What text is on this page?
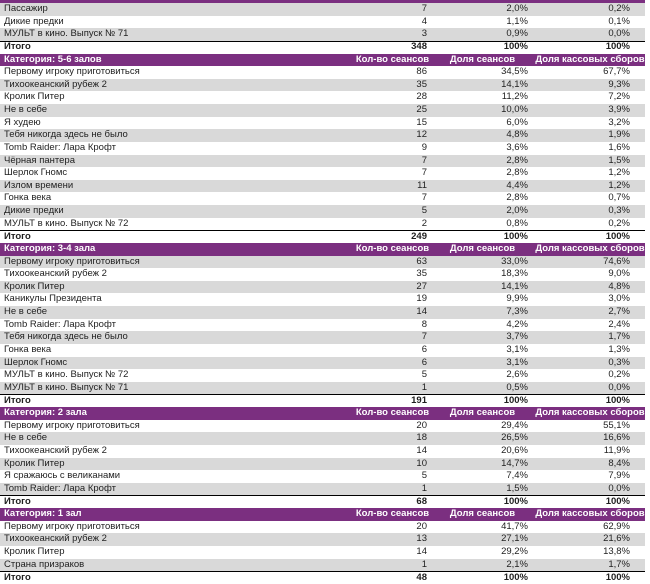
Пассажир	7	2,0%	0,2%
Дикие предки	4	1,1%	0,1%
МУЛЬТ в кино. Выпуск № 71	3	0,9%	0,0%
Итого	348	100%	100%
Категория: 5-6 залов	Кол-во сеансов	Доля сеансов	Доля кассовых сборов
Первому игроку приготовиться	86	34,5%	67,7%
Тихоокеанский рубеж 2	35	14,1%	9,3%
Кролик Питер	28	11,2%	7,2%
Не в себе	25	10,0%	3,9%
Я худею	15	6,0%	3,2%
Тебя никогда здесь не было	12	4,8%	1,9%
Tomb Raider: Лара Крофт	9	3,6%	1,6%
Чёрная пантера	7	2,8%	1,5%
Шерлок Гномс	7	2,8%	1,2%
Излом времени	11	4,4%	1,2%
Гонка века	7	2,8%	0,7%
Дикие предки	5	2,0%	0,3%
МУЛЬТ в кино. Выпуск № 72	2	0,8%	0,2%
Итого	249	100%	100%
Категория: 3-4 зала	Кол-во сеансов	Доля сеансов	Доля кассовых сборов
Первому игроку приготовиться	63	33,0%	74,6%
Тихоокеанский рубеж 2	35	18,3%	9,0%
Кролик Питер	27	14,1%	4,8%
Каникулы Президента	19	9,9%	3,0%
Не в себе	14	7,3%	2,7%
Tomb Raider: Лара Крофт	8	4,2%	2,4%
Тебя никогда здесь не было	7	3,7%	1,7%
Гонка века	6	3,1%	1,3%
Шерлок Гномс	6	3,1%	0,3%
МУЛЬТ в кино. Выпуск № 72	5	2,6%	0,2%
МУЛЬТ в кино. Выпуск № 71	1	0,5%	0,0%
Итого	191	100%	100%
Категория: 2 зала	Кол-во сеансов	Доля сеансов	Доля кассовых сборов
Первому игроку приготовиться	20	29,4%	55,1%
Не в себе	18	26,5%	16,6%
Тихоокеанский рубеж 2	14	20,6%	11,9%
Кролик Питер	10	14,7%	8,4%
Я сражаюсь с великанами	5	7,4%	7,9%
Tomb Raider: Лара Крофт	1	1,5%	0,0%
Итого	68	100%	100%
Категория: 1 зал	Кол-во сеансов	Доля сеансов	Доля кассовых сборов
Первому игроку приготовиться	20	41,7%	62,9%
Тихоокеанский рубеж 2	13	27,1%	21,6%
Кролик Питер	14	29,2%	13,8%
Страна призраков	1	2,1%	1,7%
Итого	48	100%	100%
